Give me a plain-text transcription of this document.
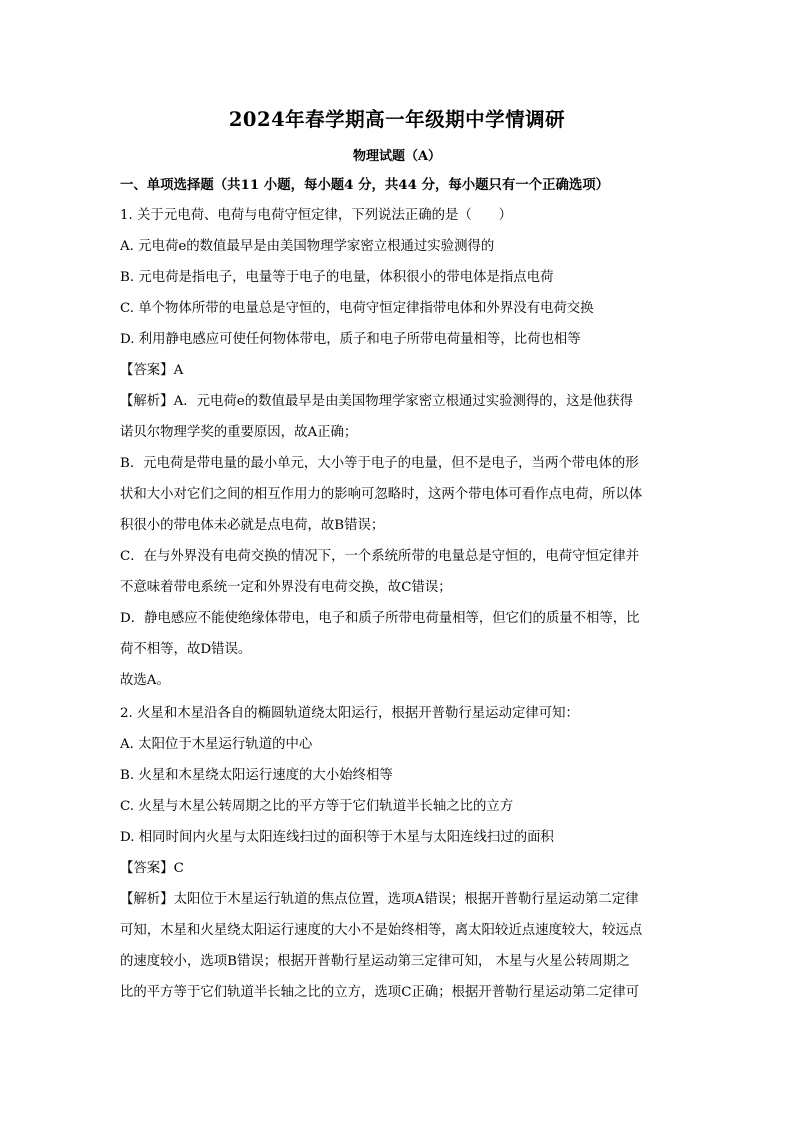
2024年春学期高一年级期中学情调研
物理试题（A）
一、单项选择题（共11 小题，每小题4 分，共44 分，每小题只有一个正确选项）
1. 关于元电荷、电荷与电荷守恒定律，下列说法正确的是（　　）
A. 元电荷e的数值最早是由美国物理学家密立根通过实验测得的
B. 元电荷是指电子，电量等于电子的电量，体积很小的带电体是指点电荷
C. 单个物体所带的电量总是守恒的，电荷守恒定律指带电体和外界没有电荷交换
D. 利用静电感应可使任何物体带电，质子和电子所带电荷量相等，比荷也相等
【答案】A
【解析】A．元电荷e的数值最早是由美国物理学家密立根通过实验测得的，这是他获得
诺贝尔物理学奖的重要原因，故A正确；
B．元电荷是带电量的最小单元，大小等于电子的电量，但不是电子，当两个带电体的形
状和大小对它们之间的相互作用力的影响可忽略时，这两个带电体可看作点电荷，所以体
积很小的带电体未必就是点电荷，故B错误；
C．在与外界没有电荷交换的情况下，一个系统所带的电量总是守恒的，电荷守恒定律并
不意味着带电系统一定和外界没有电荷交换，故C错误；
D．静电感应不能使绝缘体带电，电子和质子所带电荷量相等，但它们的质量不相等，比
荷不相等，故D错误。
故选A。
2. 火星和木星沿各自的椭圆轨道绕太阳运行，根据开普勒行星运动定律可知：
A. 太阳位于木星运行轨道的中心
B. 火星和木星绕太阳运行速度的大小始终相等
C. 火星与木星公转周期之比的平方等于它们轨道半长轴之比的立方
D. 相同时间内火星与太阳连线扫过的面积等于木星与太阳连线扫过的面积
【答案】C
【解析】太阳位于木星运行轨道的焦点位置，选项A错误；根据开普勒行星运动第二定律
可知，木星和火星绕太阳运行速度的大小不是始终相等，离太阳较近点速度较大，较远点
的速度较小，选项B错误；根据开普勒行星运动第三定律可知， 木星与火星公转周期之
比的平方等于它们轨道半长轴之比的立方，选项C正确；根据开普勒行星运动第二定律可
